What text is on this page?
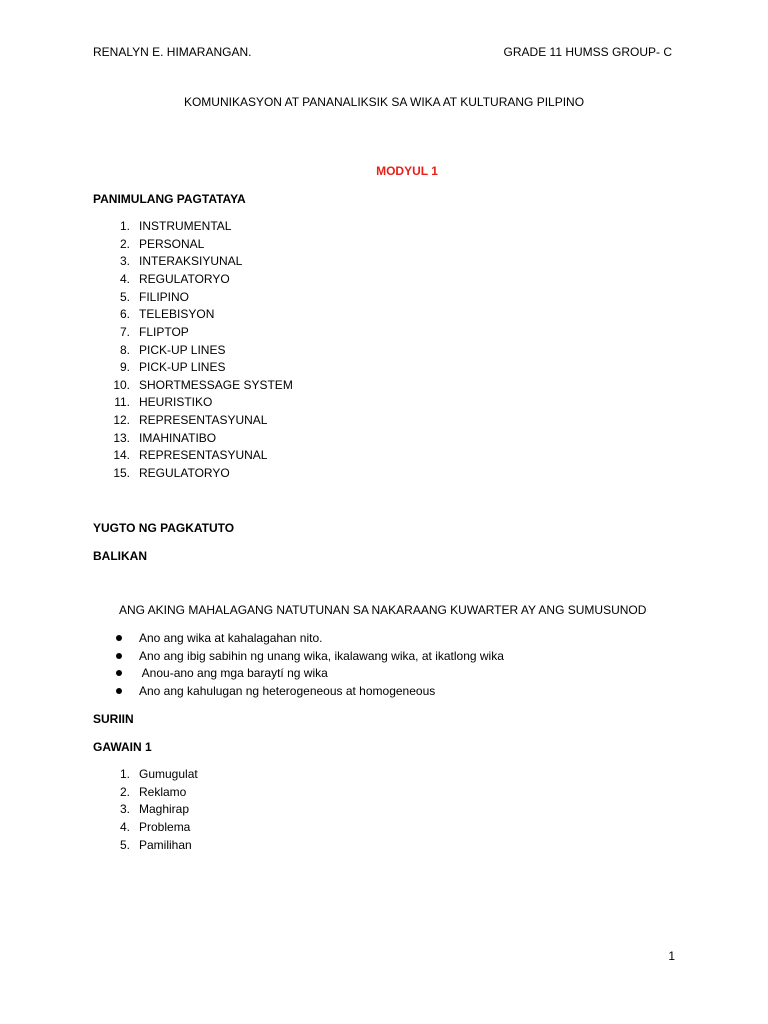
RENALYN E. HIMARANGAN.	GRADE 11 HUMSS GROUP- C
KOMUNIKASYON AT PANANALIKSIK SA WIKA AT KULTURANG PILPINO
MODYUL 1
PANIMULANG PAGTATAYA
1. INSTRUMENTAL
2. PERSONAL
3. INTERAKSIYUNAL
4. REGULATORYO
5. FILIPINO
6. TELEBISYON
7. FLIPTOP
8. PICK-UP LINES
9. PICK-UP LINES
10. SHORTMESSAGE SYSTEM
11. HEURISTIKO
12. REPRESENTASYUNAL
13. IMAHINATIBO
14. REPRESENTASYUNAL
15. REGULATORYO
YUGTO NG PAGKATUTO
BALIKAN
ANG AKING MAHALAGANG NATUTUNAN SA NAKARAANG KUWARTER AY ANG SUMUSUNOD
Ano ang wika at kahalagahan nito.
Ano ang ibig sabihin ng unang wika, ikalawang wika, at ikatlong wika
Anou-ano ang mga baraytí ng wika
Ano ang kahulugan ng heterogeneous at homogeneous
SURIIN
GAWAIN 1
1. Gumugulat
2. Reklamo
3. Maghirap
4. Problema
5. Pamilihan
1
